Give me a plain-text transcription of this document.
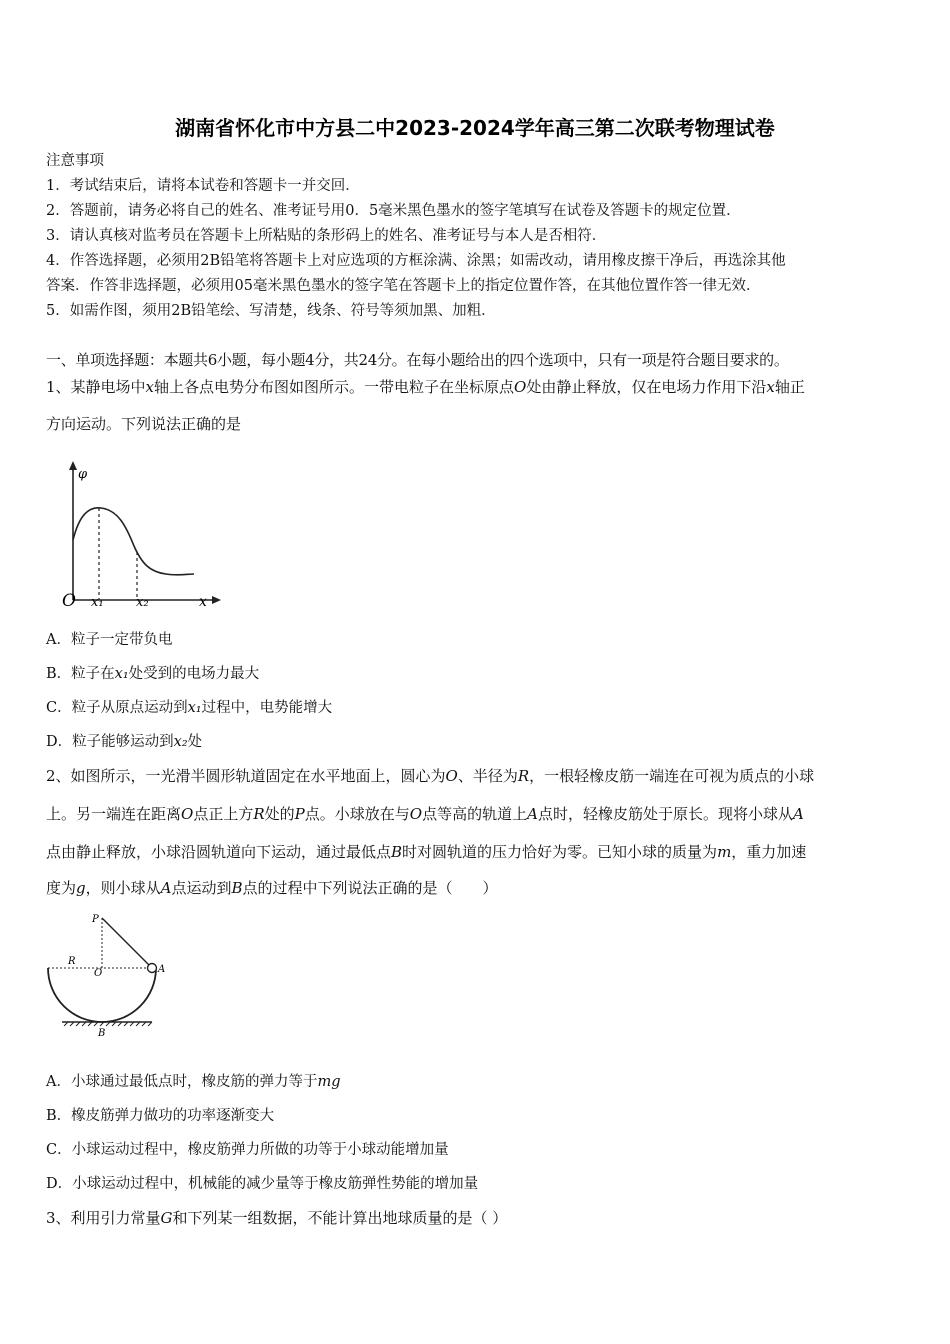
湖南省怀化市中方县二中2023-2024学年高三第二次联考物理试卷
注意事项
1．考试结束后，请将本试卷和答题卡一并交回．
2．答题前，请务必将自己的姓名、准考证号用0．5毫米黑色墨水的签字笔填写在试卷及答题卡的规定位置．
3．请认真核对监考员在答题卡上所粘贴的条形码上的姓名、准考证号与本人是否相符．
4．作答选择题，必须用2B铅笔将答题卡上对应选项的方框涂满、涂黑；如需改动，请用橡皮擦干净后，再选涂其他
答案．作答非选择题，必须用05毫米黑色墨水的签字笔在答题卡上的指定位置作答，在其他位置作答一律无效．
5．如需作图，须用2B铅笔绘、写清楚，线条、符号等须加黑、加粗．
一、单项选择题：本题共6小题，每小题4分，共24分。在每小题给出的四个选项中，只有一项是符合题目要求的。
1、某静电场中x轴上各点电势分布图如图所示。一带电粒子在坐标原点O处由静止释放，仅在电场力作用下沿x轴正
方向运动。下列说法正确的是
φ
O x₁ x₂	x
A．粒子一定带负电
B．粒子在x₁处受到的电场力最大
C．粒子从原点运动到x₁过程中，电势能增大
D．粒子能够运动到x₂处
2、如图所示，一光滑半圆形轨道固定在水平地面上，圆心为O、半径为R，一根轻橡皮筋一端连在可视为质点的小球
上。另一端连在距离O点正上方R处的P点。小球放在与O点等高的轨道上A点时，轻橡皮筋处于原长。现将小球从A
点由静止释放，小球沿圆轨道向下运动，通过最低点B时对圆轨道的压力恰好为零。已知小球的质量为m，重力加速
度为g，则小球从A点运动到B点的过程中下列说法正确的是（　　）
P
R
O	A
B
A．小球通过最低点时，橡皮筋的弹力等于mg
B．橡皮筋弹力做功的功率逐渐变大
C．小球运动过程中，橡皮筋弹力所做的功等于小球动能增加量
D．小球运动过程中，机械能的减少量等于橡皮筋弹性势能的增加量
3、利用引力常量G和下列某一组数据，不能计算出地球质量的是（ ）
